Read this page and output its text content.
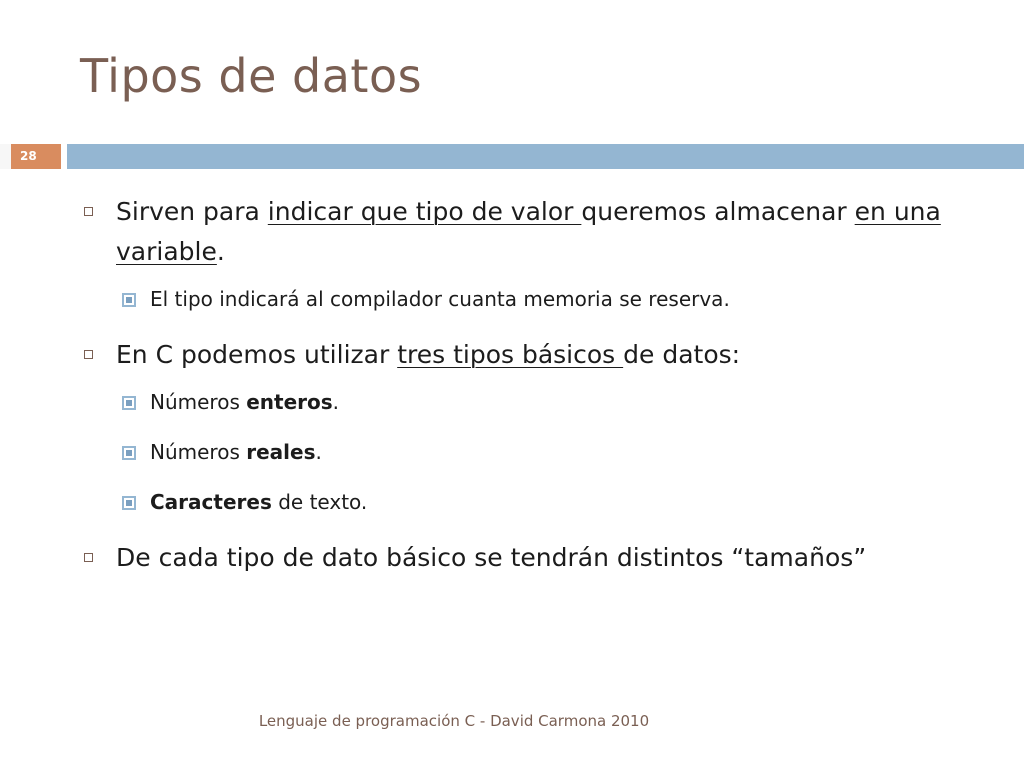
Tipos de datos
28
Sirven para indicar que tipo de valor queremos almacenar en una variable.
El tipo indicará al compilador cuanta memoria se reserva.
En C podemos utilizar tres tipos básicos de datos:
Números enteros.
Números reales.
Caracteres de texto.
De cada tipo de dato básico se tendrán distintos “tamaños”
Lenguaje de programación C - David Carmona 2010
